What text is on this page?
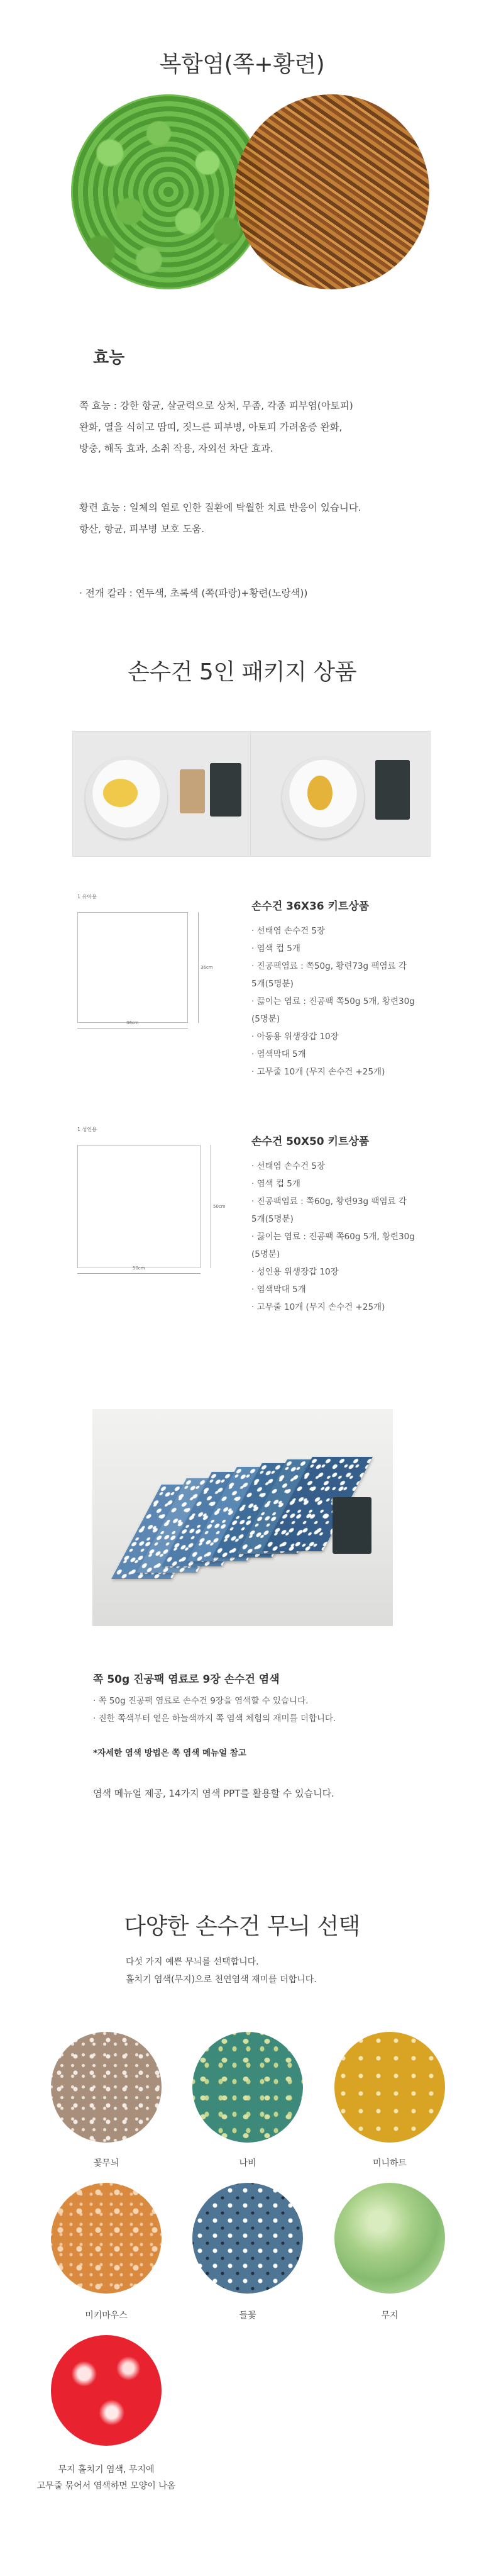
복합염(쪽+황련)
효능
쪽 효능 : 강한 항균, 살균력으로 상처, 무좀, 각종 피부염(아토피)
완화, 열을 식히고 땀띠, 짓느른 피부병, 아토피 가려움증 완화,
방충, 해독 효과, 소취 작용, 자외선 차단 효과.
황련 효능 : 일체의 열로 인한 질환에 탁월한 치료 반응이 있습니다.
항산, 항균, 피부병 보호 도움.
· 전개 칼라 : 연두색, 초록색 (쪽(파랑)+황련(노랑색))
손수건 5인 패키지 상품
1 유아용
36cm
36cm
손수건 36X36 키트상품
· 선태염 손수건 5장
· 염색 컵 5개
· 진공팩염료 : 쪽50g, 황련73g 팩염료 각
5개(5명분)
· 끓이는 염료 : 진공팩 쪽50g 5개, 황련30g
(5명분)
· 아동용 위생장갑 10장
· 염색막대 5개
· 고무줄 10개 (무지 손수건 +25개)
1 성인용
50cm
50cm
손수건 50X50 키트상품
· 선태염 손수건 5장
· 염색 컵 5개
· 진공팩염료 : 쪽60g, 황련93g 팩염료 각
5개(5명분)
· 끓이는 염료 : 진공팩 쪽60g 5개, 황련30g
(5명분)
· 성인용 위생장갑 10장
· 염색막대 5개
· 고무줄 10개 (무지 손수건 +25개)
쪽 50g 진공팩 염료로 9장 손수건 염색
· 쪽 50g 진공팩 염료로 손수건 9장을 염색할 수 있습니다.
· 진한 쪽색부터 옅은 하늘색까지 쪽 염색 체험의 재미를 더합니다.
*자세한 염색 방법은 쪽 염색 메뉴얼 참고
염색 메뉴얼 제공, 14가지 염색 PPT를 활용할 수 있습니다.
다양한 손수건 무늬 선택
다섯 가지 예쁜 무늬를 선택합니다.
홀치기 염색(무지)으로 천연염색 재미를 더합니다.
꽃무늬	나비	미니하트
미키마우스	들꽃	무지
무지 홀치기 염색, 무지에
고무줄 묶어서 염색하면 모양이 나옴
